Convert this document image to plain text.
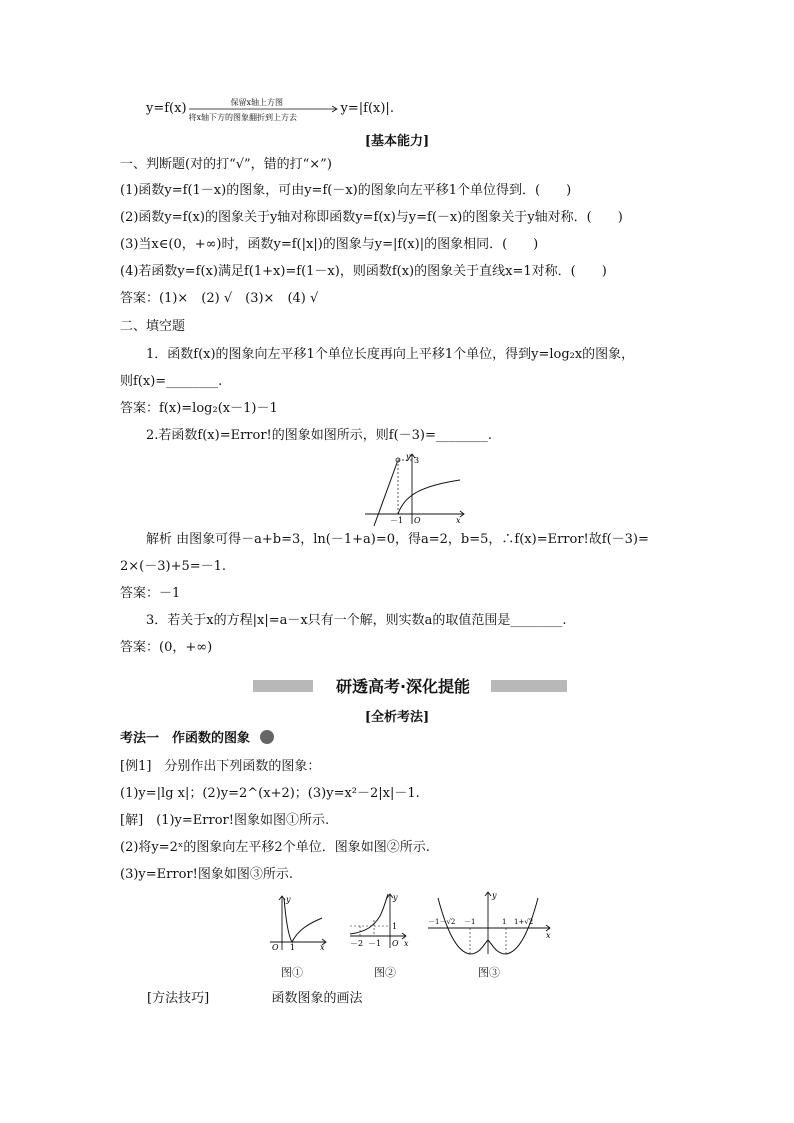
y=f(x)	保留x轴上方图
将x轴下方的图象翻折到上方去
y=|f(x)|.
[基本能力]
一、判断题(对的打“√”，错的打“×”)
(1)函数y=f(1－x)的图象，可由y=f(－x)的图象向左平移1个单位得到．(　　)
(2)函数y=f(x)的图象关于y轴对称即函数y=f(x)与y=f(－x)的图象关于y轴对称．(　　)
(3)当x∈(0，+∞)时，函数y=f(|x|)的图象与y=|f(x)|的图象相同．(　　)
(4)若函数y=f(x)满足f(1+x)=f(1－x)，则函数f(x)的图象关于直线x=1对称．(　　)
答案：(1)×　(2) √　(3)×　(4) √
二、填空题
1．函数f(x)的图象向左平移1个单位长度再向上平移1个单位，得到y=log₂x的图象，
则f(x)=________.
答案：f(x)=log₂(x－1)－1
2.若函数f(x)=Error!的图象如图所示，则f(－3)=________.
y 3
－1 O	x
解析 由图象可得－a+b=3，ln(－1+a)=0，得a=2，b=5，∴f(x)=Error!故f(－3)=
2×(－3)+5=－1.
答案：－1
3．若关于x的方程|x|=a－x只有一个解，则实数a的取值范围是________.
答案：(0，+∞)
研透高考·深化提能
[全析考法]
考法一　作函数的图象
[例1]　分别作出下列函数的图象：
(1)y=|lg x|；(2)y=2^(x+2)；(3)y=x²－2|x|－1.
[解]　(1)y=Error!图象如图①所示.
(2)将y=2ˣ的图象向左平移2个单位．图象如图②所示.
(3)y=Error!图象如图③所示.
y
O 1	x
图①
y
1
－2 －1 O x
图②
y
－1－√2 －1	1 1+√2
x
图③
[方法技巧]	函数图象的画法
